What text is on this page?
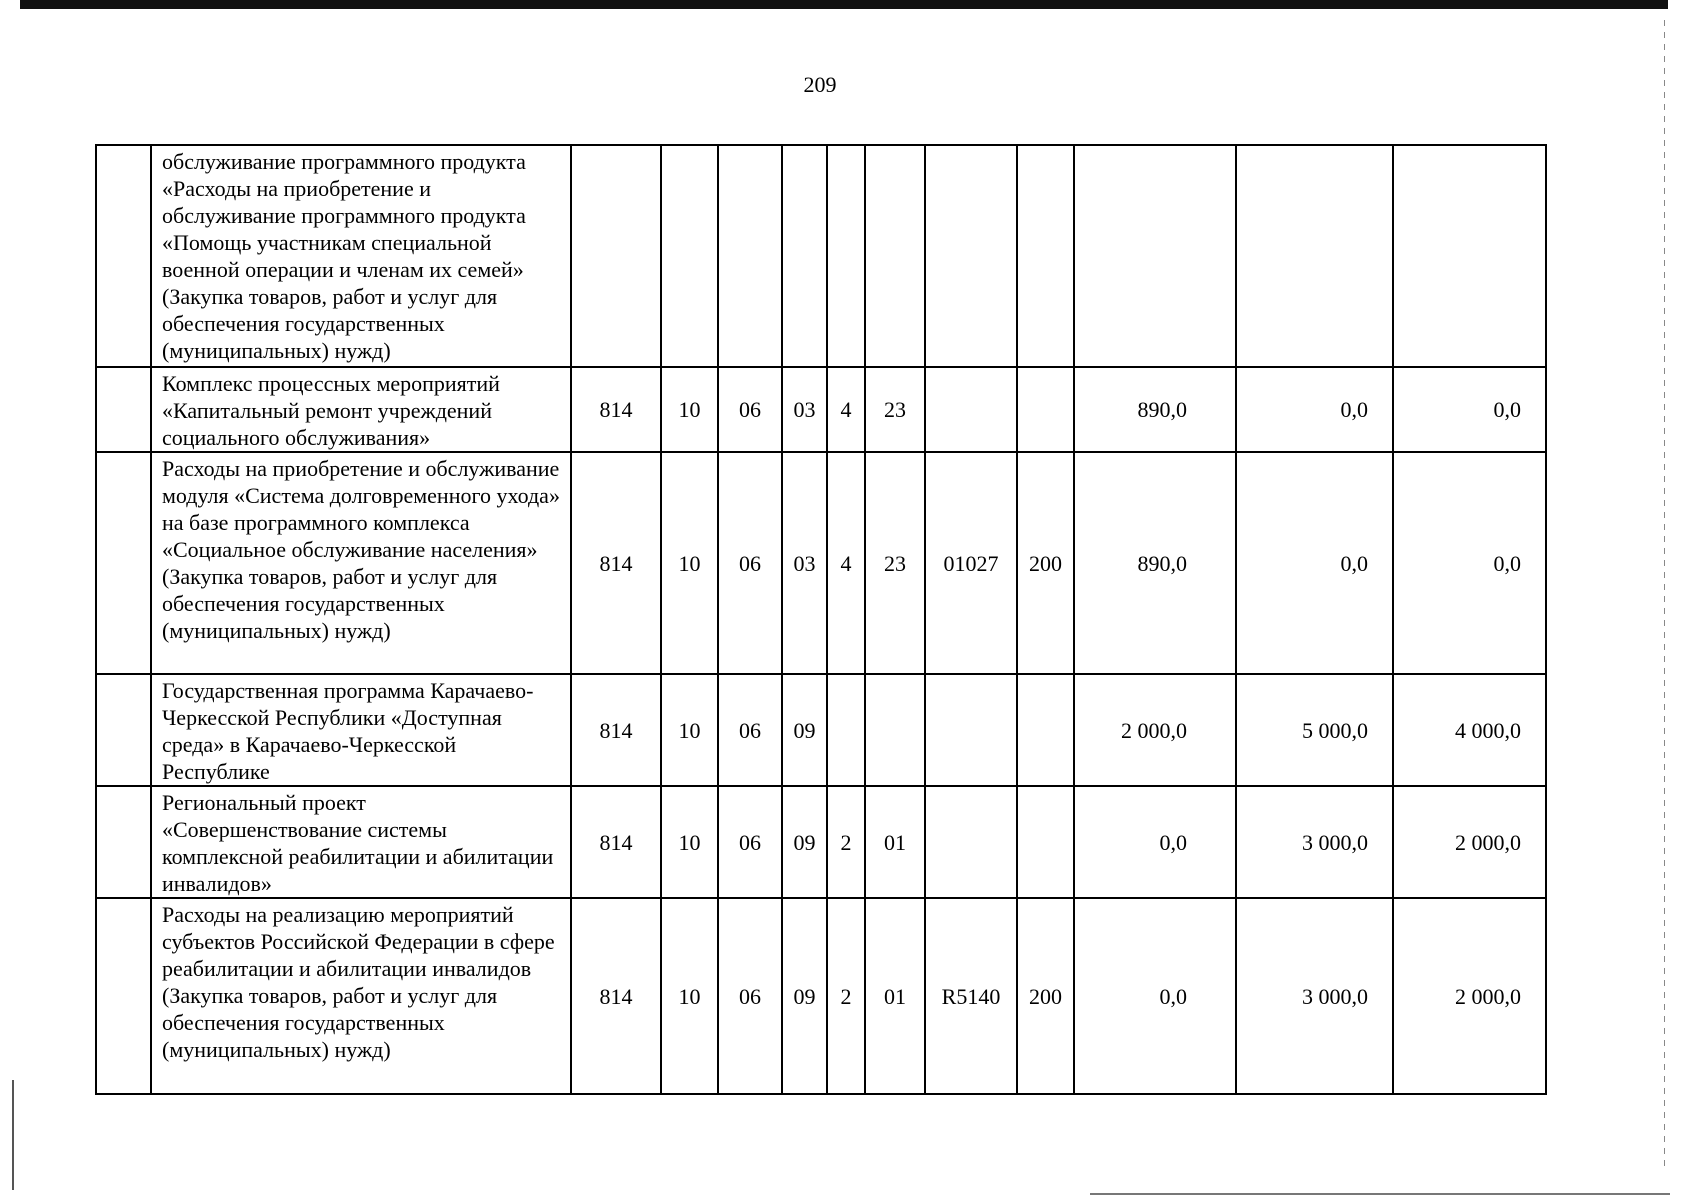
209
	обслуживание программного продукта «Расходы на приобретение и обслуживание программного продукта «Помощь участникам специальной военной операции и членам их семей» (Закупка товаров, работ и услуг для обеспечения государственных (муниципальных) нужд)											
	Комплекс процессных мероприятий «Капитальный ремонт учреждений социального обслуживания»	814	10	06	03	4	23			890,0	0,0	0,0
	Расходы на приобретение и обслуживание модуля «Система долговременного ухода» на базе программного комплекса «Социальное обслуживание населения» (Закупка товаров, работ и услуг для обеспечения государственных (муниципальных) нужд)	814	10	06	03	4	23	01027	200	890,0	0,0	0,0
	Государственная программа Карачаево-Черкесской Республики «Доступная среда» в Карачаево-Черкесской Республике	814	10	06	09					2 000,0	5 000,0	4 000,0
	Региональный проект «Совершенствование системы комплексной реабилитации и абилитации инвалидов»	814	10	06	09	2	01			0,0	3 000,0	2 000,0
	Расходы на реализацию мероприятий субъектов Российской Федерации в сфере реабилитации и абилитации инвалидов (Закупка товаров, работ и услуг для обеспечения государственных (муниципальных) нужд)	814	10	06	09	2	01	R5140	200	0,0	3 000,0	2 000,0
